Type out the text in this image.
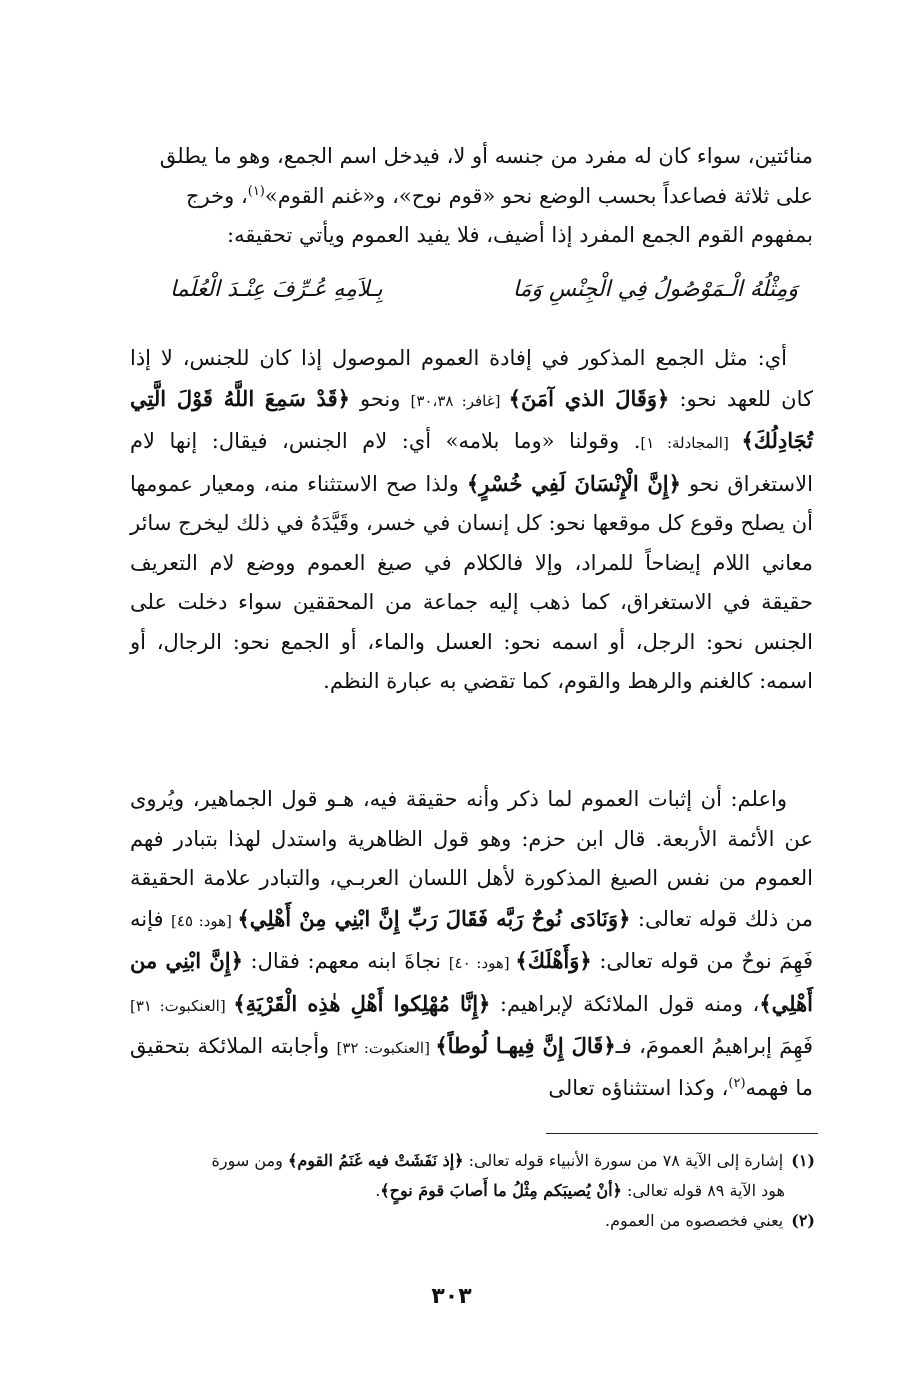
منائتين، سواء كان له مفرد من جنسه أو لا، فيدخل اسم الجمع، وهو ما يطلق

على ثلاثة فصاعداً بحسب الوضع نحو «قوم نوح»، و«غنم القوم»$^{(١)}$، وخرج

بمفهوم القوم الجمع المفرد إذا أضيف، فلا يفيد العموم ويأتي تحقيقه:

وَمِثْلُهُ الْـمَوْصُولُ فِي الْجِنْسِ وَمَا
بِـلاَمِهِ عُـرِّفَ عِنْـدَ الْعُلَما

أي: مثل الجمع المذكور في إفادة العموم الموصول إذا كان للجنس، لا إذا كان للعهد نحو: ﴿وَقَالَ الذي آمَنَ﴾ [غافر: ٣٠،٣٨] ونحو ﴿قَدْ سَمِعَ اللَّهُ قَوْلَ الَّتِي تُجَادِلُكَ﴾ [المجادلة: ١]. وقولنا «وما بلامه» أي: لام الجنس، فيقال: إنها لام الاستغراق نحو ﴿إِنَّ الْإِنْسَانَ لَفِي خُسْرٍ﴾ ولذا صح الاستثناء منه، ومعيار عمومها أن يصلح وقوع كل موقعها نحو: كل إنسان في خسر، وقَيَّدَهُ في ذلك ليخرج سائر معاني اللام إيضاحاً للمراد، وإلا فالكلام في صيغ العموم ووضع لام التعريف حقيقة في الاستغراق، كما ذهب إليه جماعة من المحققين سواء دخلت على الجنس نحو: الرجل، أو اسمه نحو: العسل والماء، أو الجمع نحو: الرجال، أو اسمه: كالغنم والرهط والقوم، كما تقضي به عبارة النظم.

واعلم: أن إثبات العموم لما ذكر وأنه حقيقة فيه، هـو قول الجماهير، ويُروى عن الأئمة الأربعة. قال ابن حزم: وهو قول الظاهرية واستدل لهذا بتبادر فهم العموم من نفس الصيغ المذكورة لأهل اللسان العربـي، والتبادر علامة الحقيقة من ذلك قوله تعالى: ﴿وَنَادَى نُوحٌ رَبَّه فَقَالَ رَبِّ إِنَّ ابْنِي مِنْ أَهْلِي﴾ [هود: ٤٥] فإنه فَهِمَ نوحٌ من قوله تعالى: ﴿وَأَهْلَكَ﴾ [هود: ٤٠] نجاةَ ابنه معهم: فقال: ﴿إِنَّ ابْنِي من أَهْلِي﴾، ومنه قول الملائكة لإبراهيم: ﴿إِنَّا مُهْلِكوا أَهْلِ هٰذِه الْقَرْيَةِ﴾ [العنكبوت: ٣١] فَهِمَ إبراهيمُ العمومَ، فـ﴿قَالَ إِنَّ فِيهـا لُوطاً﴾ [العنكبوت: ٣٢] وأجابته الملائكة بتحقيق ما فهمه$^{(٢)}$، وكذا استثناؤه تعالى

(١)إشارة إلى الآية ٧٨ من سورة الأنبياء قوله تعالى: ﴿إذ نَفَشَتْ فيه غَنَمُ القوم﴾ ومن سورة

هود الآية ٨٩ قوله تعالى: ﴿أنْ يُصيبَكم مِثْلُ ما أَصابَ قومَ نوحٍ﴾.

(٢)يعني فخصصوه من العموم.

٣٠٣
